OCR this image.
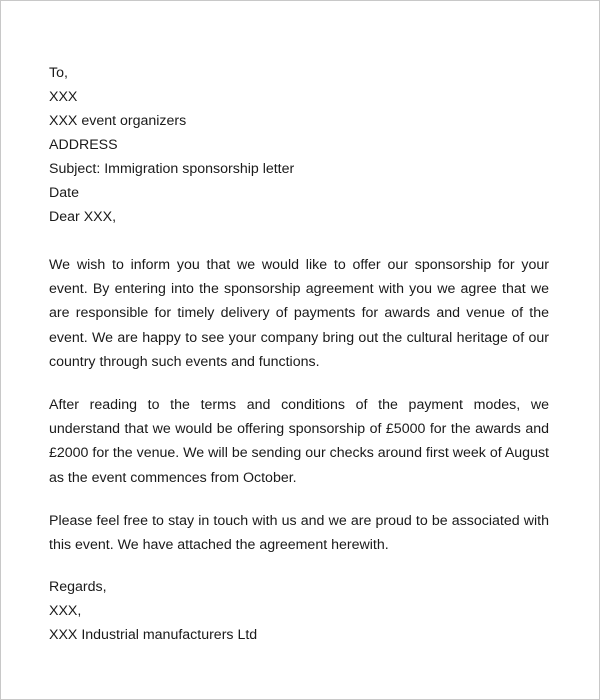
To,
XXX
XXX event organizers
ADDRESS
Subject: Immigration sponsorship letter
Date
Dear XXX,

We wish to inform you that we would like to offer our sponsorship for your event. By entering into the sponsorship agreement with you we agree that we are responsible for timely delivery of payments for awards and venue of the event. We are happy to see your company bring out the cultural heritage of our country through such events and functions.

After reading to the terms and conditions of the payment modes, we understand that we would be offering sponsorship of £5000 for the awards and £2000 for the venue. We will be sending our checks around first week of August as the event commences from October.

Please feel free to stay in touch with us and we are proud to be associated with this event. We have attached the agreement herewith.

Regards,
XXX,
XXX Industrial manufacturers Ltd
